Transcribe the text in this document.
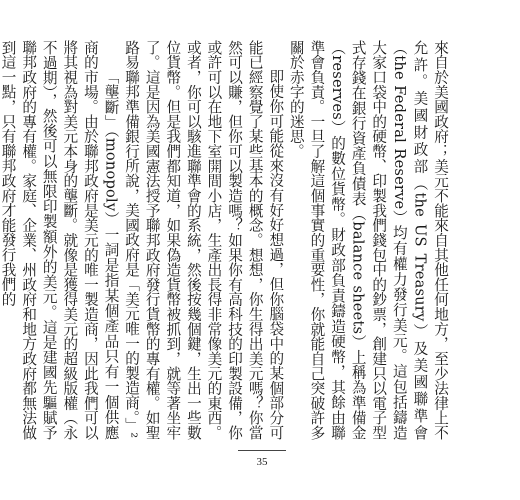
來自於美國政府；美元不能來自其他任何地方，至少法律上不允許。美國財政部（the US Treasury）及美國聯準會（the Federal Reserve）均有權力發行美元。這包括鑄造大家口袋中的硬幣、印製我們錢包中的鈔票，創建只以電子型式存錢在銀行資產負債表（balance sheets）上稱為準備金（reserves）的數位貨幣。財政部負責鑄造硬幣，其餘由聯準會負責。一旦了解這個事實的重要性，你就能自己突破許多關於赤字的迷思。

即使你可能從來沒有好好想過，但你腦袋中的某個部分可能已經察覺了某些基本的概念。想想，你生得出美元嗎？你當然可以賺，但你可以製造嗎？如果你有高科技的印製設備，你或許可以在地下室開間小店，生產出長得非常像美元的東西。或者，你可以駭進聯準會的系統，然後按幾個鍵，生出一些數位貨幣。但是我們都知道，如果偽造貨幣被抓到，就等著坐牢了。這是因為美國憲法授予聯邦政府發行貨幣的專有權。如聖路易聯邦準備銀行所說，美國政府是「美元唯一的製造商。」²

「壟斷」（monopoly）一詞是指某個產品只有一個供應商的市場。由於聯邦政府是美元的唯一製造商，因此我們可以將其視為對美元本身的壟斷。就像是獲得美元的超級版權（永不過期），然後可以無限印製額外的美元。這是建國先驅賦予聯邦政府的專有權。家庭、企業、州政府和地方政府都無法做到這一點，只有聯邦政府才能發行我們的

35
